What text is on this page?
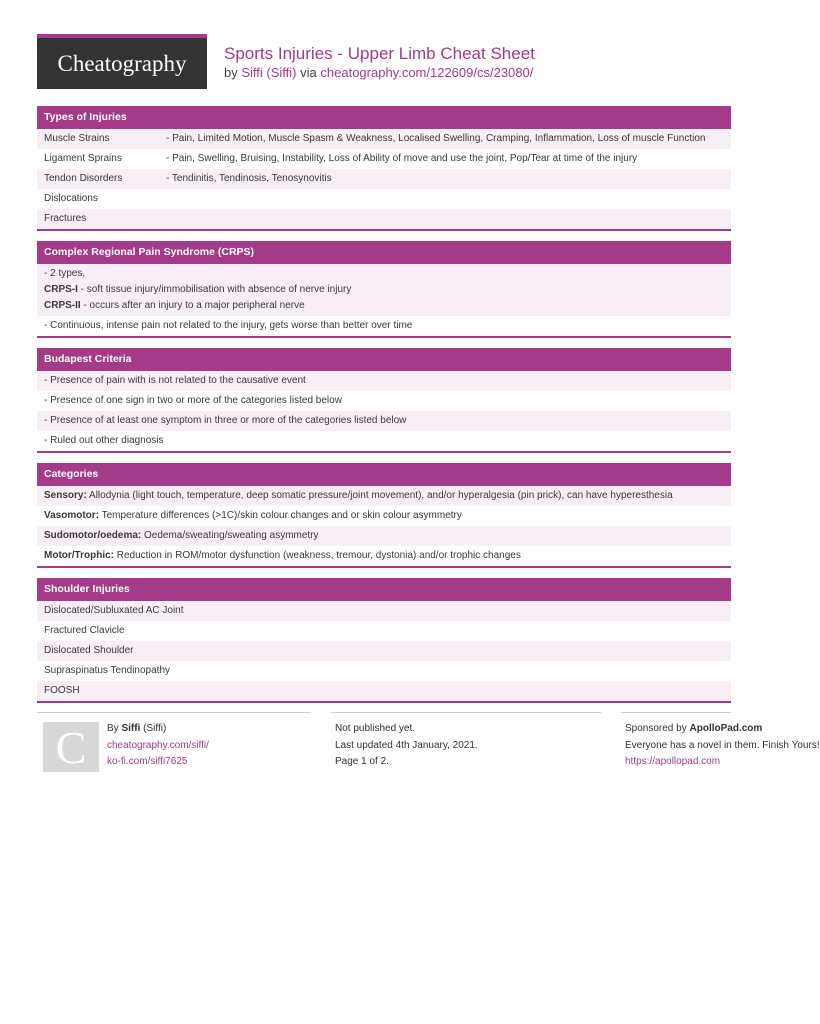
Cheatography	Sports Injuries - Upper Limb Cheat Sheet
by Siffi (Siffi) via cheatography.com/122609/cs/23080/
Types of Injuries
Muscle Strains	- Pain, Limited Motion, Muscle Spasm & Weakness, Localised Swelling, Cramping, Inflammation, Loss of muscle Function
Ligament Sprains	- Pain, Swelling, Bruising, Instability, Loss of Ability of move and use the joint, Pop/Tear at time of the injury
Tendon Disorders	- Tendinitis, Tendinosis, Tenosynovitis
Dislocations
Fractures
Complex Regional Pain Syndrome (CRPS)
- 2 types,
CRPS-I - soft tissue injury/immobilisation with absence of nerve injury
CRPS-II - occurs after an injury to a major peripheral nerve
- Continuous, intense pain not related to the injury, gets worse than better over time
Budapest Criteria
- Presence of pain with is not related to the causative event
- Presence of one sign in two or more of the categories listed below
- Presence of at least one symptom in three or more of the categories listed below
- Ruled out other diagnosis
Categories
Sensory: Allodynia (light touch, temperature, deep somatic pressure/joint movement), and/or hyperalgesia (pin prick), can have hyperesthesia
Vasomotor: Temperature differences (>1C)/skin colour changes and or skin colour asymmetry
Sudomotor/oedema: Oedema/sweating/sweating asymmetry
Motor/Trophic: Reduction in ROM/motor dysfunction (weakness, tremour, dystonia) and/or trophic changes
Shoulder Injuries
Dislocated/Subluxated AC Joint
Fractured Clavicle
Dislocated Shoulder
Supraspinatus Tendinopathy
FOOSH
C	By Siffi (Siffi)
cheatography.com/siffi/
ko-fi.com/siffi7625
Not published yet.
Last updated 4th January, 2021.
Page 1 of 2.
Sponsored by ApolloPad.com
Everyone has a novel in them. Finish Yours!
https://apollopad.com
